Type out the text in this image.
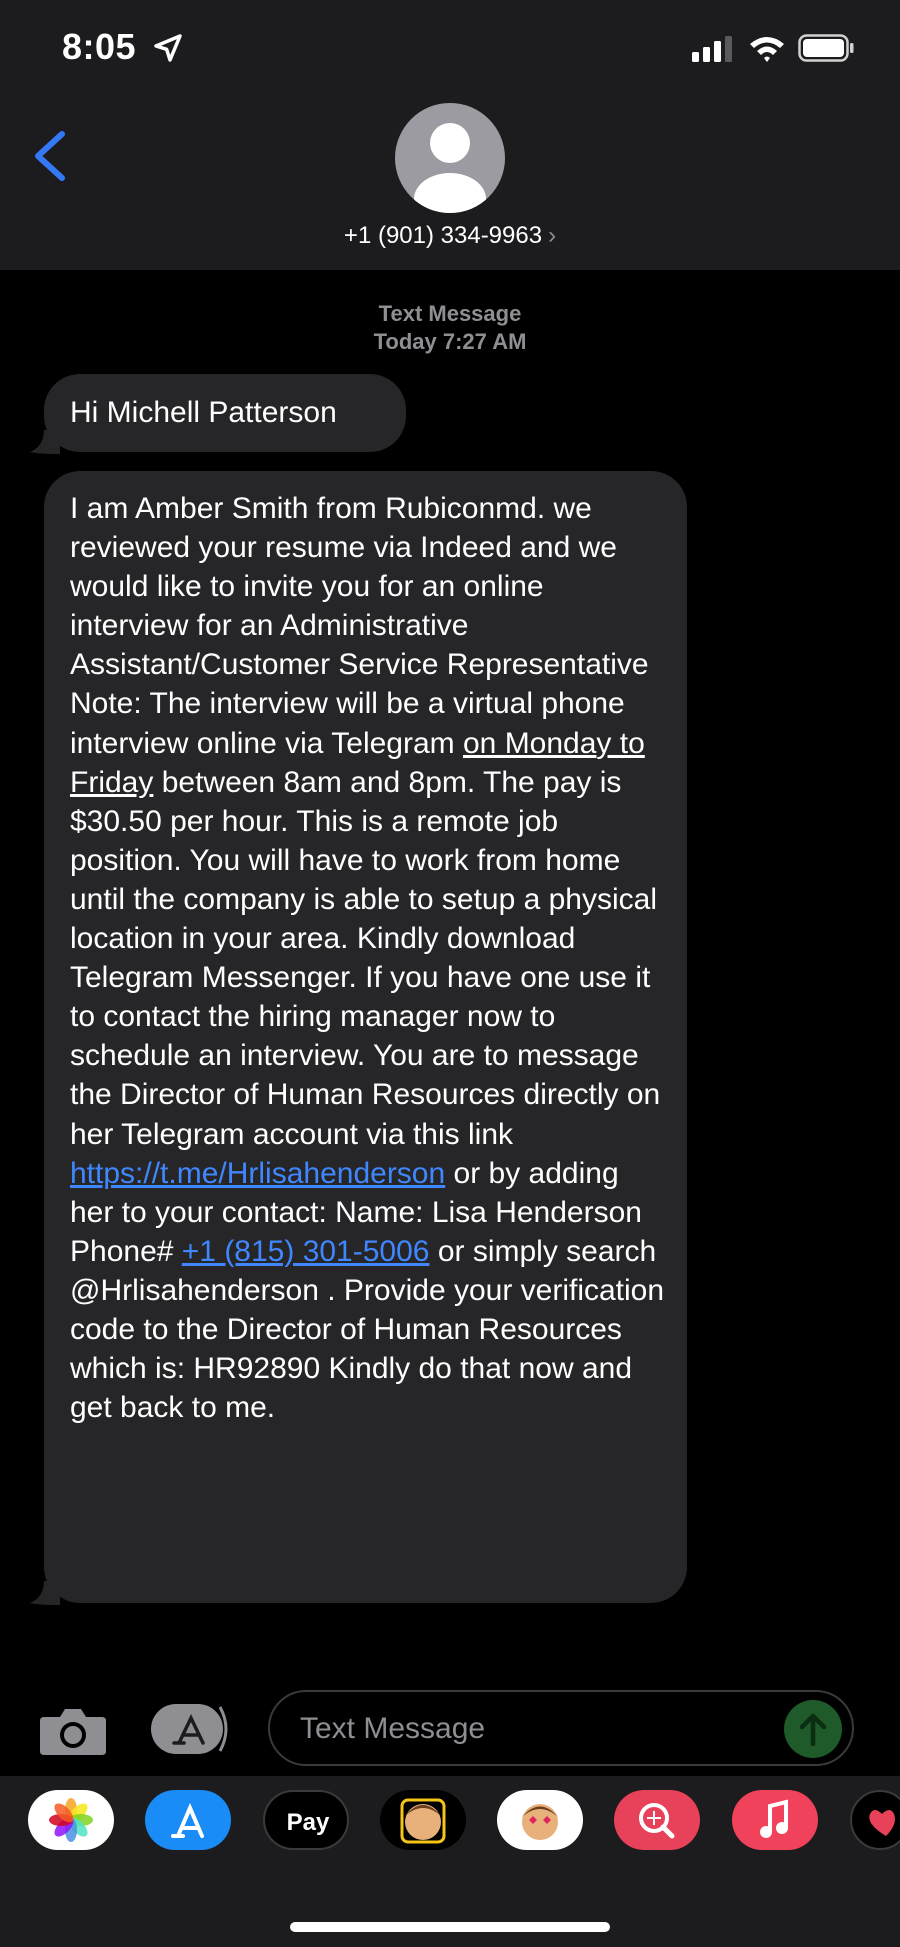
8:05
+1 (901) 334-9963 ›
Text Message
Today 7:27 AM
Hi Michell Patterson

I am Amber Smith from Rubiconmd. we reviewed your resume via Indeed and we would like to invite you for an online interview for an Administrative Assistant/Customer Service Representative Note: The interview will be a virtual phone interview online via Telegram on Monday to Friday between 8am and 8pm. The pay is $30.50 per hour. This is a remote job position. You will have to work from home until the company is able to setup a physical location in your area. Kindly download Telegram Messenger. If you have one use it to contact the hiring manager now to schedule an interview. You are to message the Director of Human Resources directly on her Telegram account via this link https://t.me/Hrlisahenderson or by adding her to your contact: Name: Lisa Henderson Phone# +1 (815) 301-5006 or simply search @Hrlisahenderson . Provide your verification code to the Director of Human Resources which is: HR92890 Kindly do that now and get back to me.

Text Message
Pay
